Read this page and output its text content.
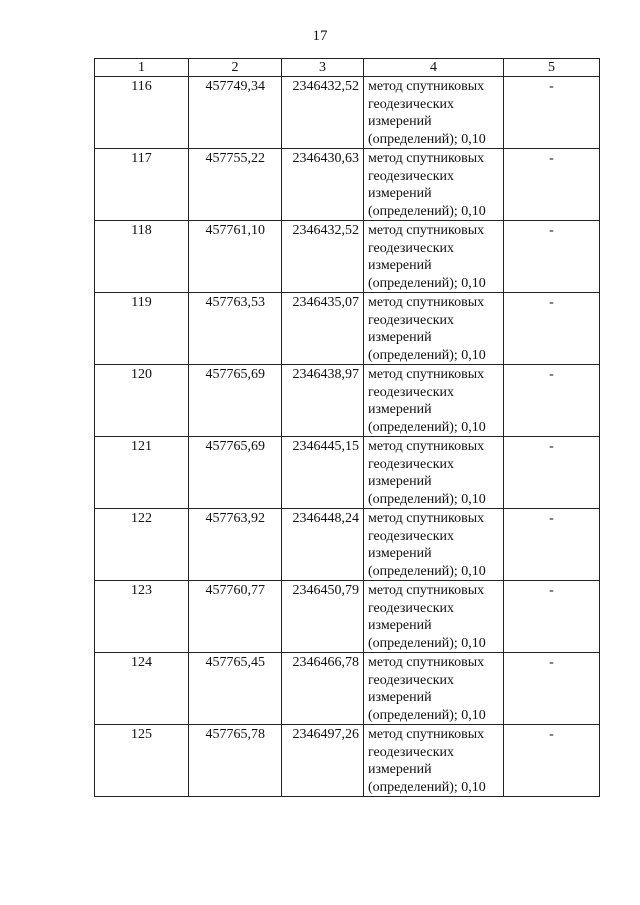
17
1	2	3	4	5

116	457749,34	2346432,52	метод спутниковых
геодезических
измерений
(определений); 0,10	-

117	457755,22	2346430,63	метод спутниковых
геодезических
измерений
(определений); 0,10	-

118	457761,10	2346432,52	метод спутниковых
геодезических
измерений
(определений); 0,10	-

119	457763,53	2346435,07	метод спутниковых
геодезических
измерений
(определений); 0,10	-

120	457765,69	2346438,97	метод спутниковых
геодезических
измерений
(определений); 0,10	-

121	457765,69	2346445,15	метод спутниковых
геодезических
измерений
(определений); 0,10	-

122	457763,92	2346448,24	метод спутниковых
геодезических
измерений
(определений); 0,10	-

123	457760,77	2346450,79	метод спутниковых
геодезических
измерений
(определений); 0,10	-

124	457765,45	2346466,78	метод спутниковых
геодезических
измерений
(определений); 0,10	-

125	457765,78	2346497,26	метод спутниковых
геодезических
измерений
(определений); 0,10	-
